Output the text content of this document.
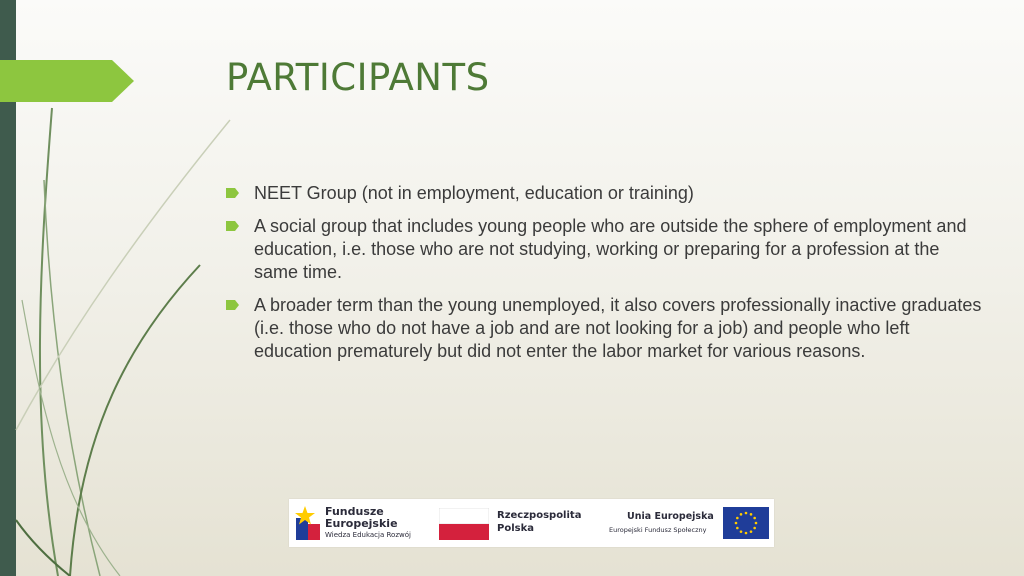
PARTICIPANTS
NEET Group (not in employment, education or training)
A social group that includes young people who are outside the sphere of employment and education, i.e. those who are not studying, working or preparing for a profession at the same time.
A broader term than the young unemployed, it also covers professionally inactive graduates (i.e. those who do not have a job and are not looking for a job) and people who left education prematurely but did not enter the labor market for various reasons.
Fundusze
Europejskie
Wiedza Edukacja Rozwój
Rzeczpospolita
Polska
Unia Europejska
Europejski Fundusz Społeczny
